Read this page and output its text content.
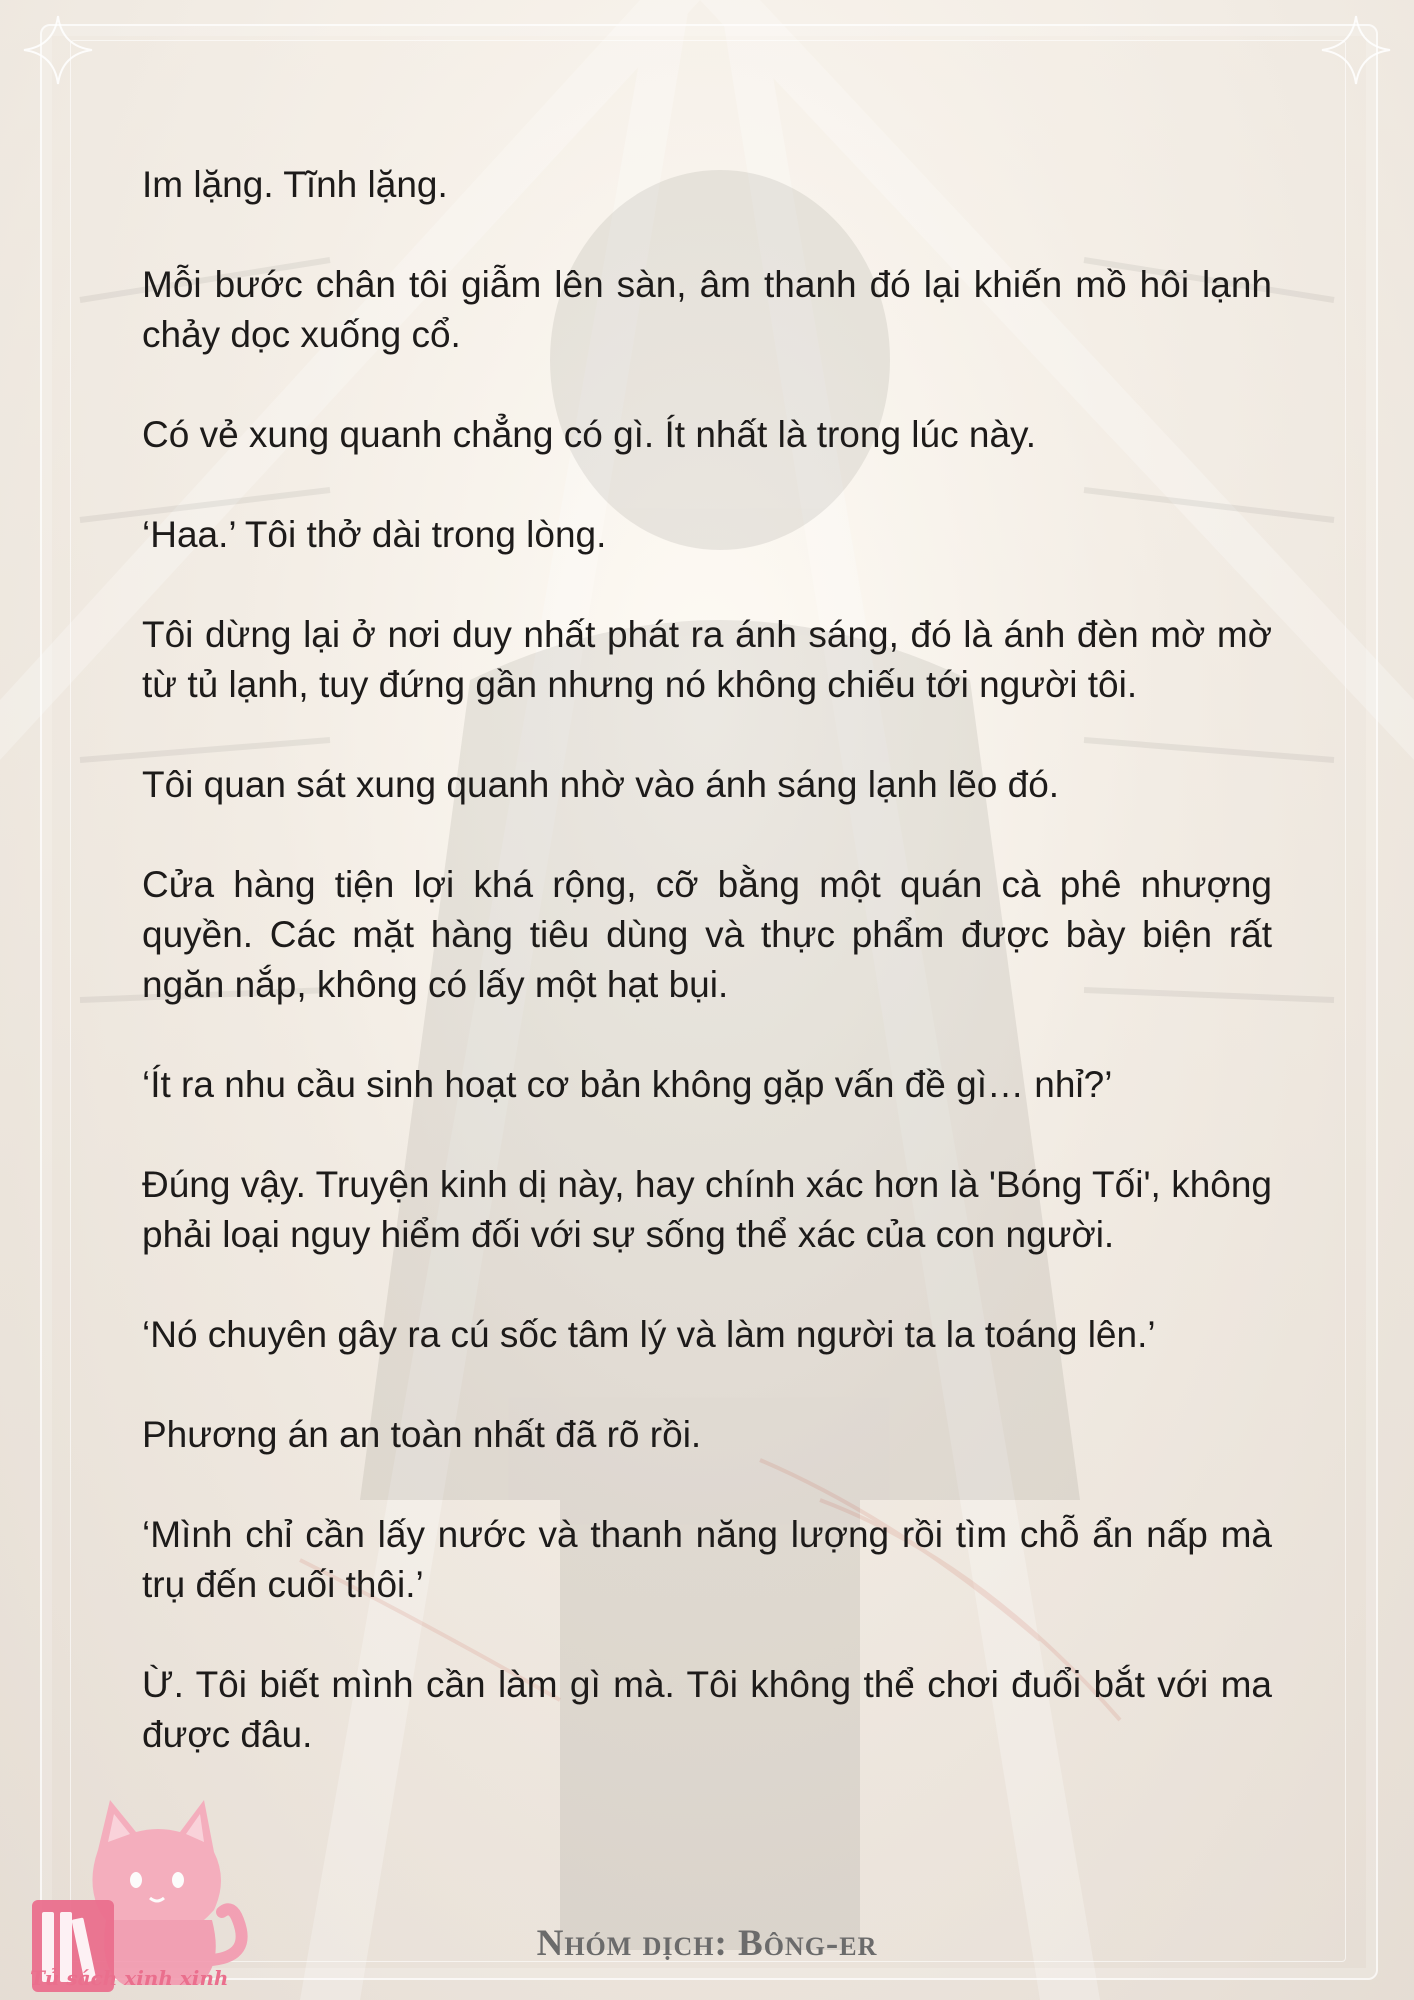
Im lặng. Tĩnh lặng.

Mỗi bước chân tôi giẫm lên sàn, âm thanh đó lại khiến mồ hôi lạnh chảy dọc xuống cổ.

Có vẻ xung quanh chẳng có gì. Ít nhất là trong lúc này.

‘Haa.’ Tôi thở dài trong lòng.

Tôi dừng lại ở nơi duy nhất phát ra ánh sáng, đó là ánh đèn mờ mờ từ tủ lạnh, tuy đứng gần nhưng nó không chiếu tới người tôi.

Tôi quan sát xung quanh nhờ vào ánh sáng lạnh lẽo đó.

Cửa hàng tiện lợi khá rộng, cỡ bằng một quán cà phê nhượng quyền. Các mặt hàng tiêu dùng và thực phẩm được bày biện rất ngăn nắp, không có lấy một hạt bụi.

‘Ít ra nhu cầu sinh hoạt cơ bản không gặp vấn đề gì… nhỉ?’

Đúng vậy. Truyện kinh dị này, hay chính xác hơn là 'Bóng Tối', không phải loại nguy hiểm đối với sự sống thể xác của con người.

‘Nó chuyên gây ra cú sốc tâm lý và làm người ta la toáng lên.’

Phương án an toàn nhất đã rõ rồi.

‘Mình chỉ cần lấy nước và thanh năng lượng rồi tìm chỗ ẩn nấp mà trụ đến cuối thôi.’

Ừ. Tôi biết mình cần làm gì mà. Tôi không thể chơi đuổi bắt với ma được đâu.

Tủ sách xinh xinh
Nhóm dịch: Bông-er
